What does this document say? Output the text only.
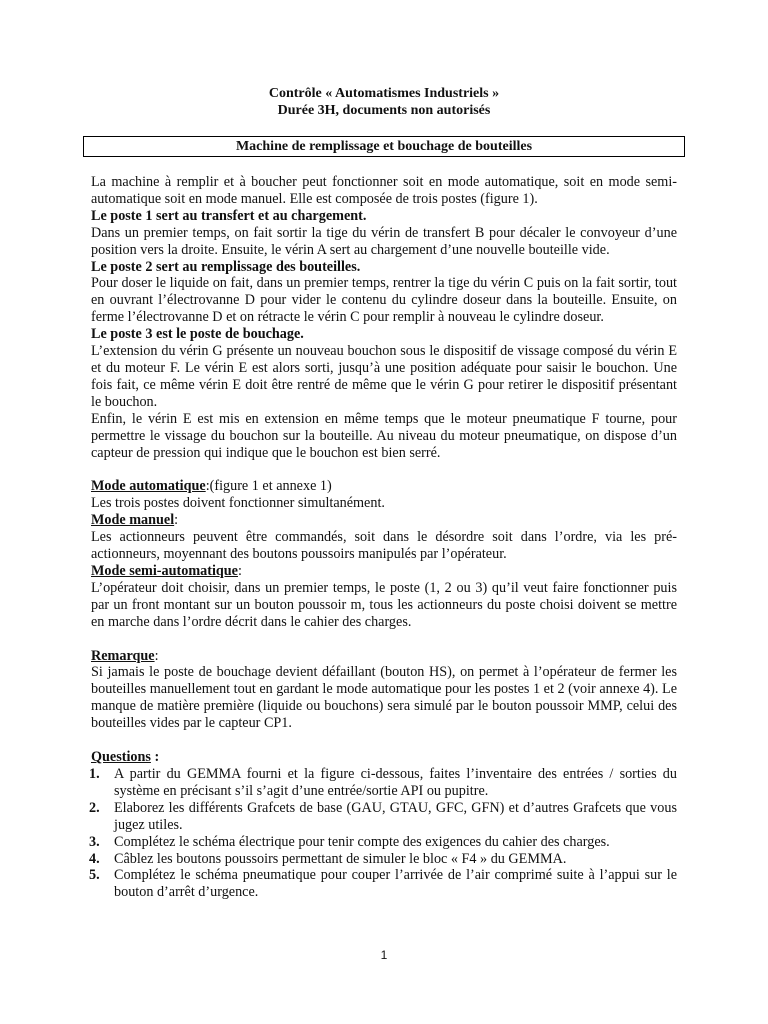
Contrôle « Automatismes Industriels »
Durée 3H, documents non autorisés
Machine de remplissage et bouchage de bouteilles

La machine à remplir et à boucher peut fonctionner soit en mode automatique, soit en mode semi-automatique soit en mode manuel. Elle est composée de trois postes (figure 1).

Le poste 1 sert au transfert et au chargement.

Dans un premier temps, on fait sortir la tige du vérin de transfert B pour décaler le convoyeur d’une position vers la droite. Ensuite, le vérin A sert au chargement d’une nouvelle bouteille vide.

Le poste 2 sert au remplissage des bouteilles.

Pour doser le liquide on fait, dans un premier temps, rentrer la tige du vérin C puis on la fait sortir, tout en ouvrant l’électrovanne D pour vider le contenu du cylindre doseur dans la bouteille. Ensuite, on ferme l’électrovanne D et on rétracte le vérin C pour remplir à nouveau le cylindre doseur.

Le poste 3 est le poste de bouchage.

L’extension du vérin G présente un nouveau bouchon sous le dispositif de vissage composé du vérin E et du moteur F. Le vérin E est alors sorti, jusqu’à une position adéquate pour saisir le bouchon. Une fois fait, ce même vérin E doit être rentré de même que le vérin G pour retirer le dispositif présentant le bouchon.

Enfin, le vérin E est mis en extension en même temps que le moteur pneumatique F tourne, pour permettre le vissage du bouchon sur la bouteille. Au niveau du moteur pneumatique, on dispose d’un capteur de pression qui indique que le bouchon est bien serré.

Mode automatique:(figure 1 et annexe 1)

Les trois postes doivent fonctionner simultanément.

Mode manuel:

Les actionneurs peuvent être commandés, soit dans le désordre soit dans l’ordre, via les pré-actionneurs, moyennant des boutons poussoirs manipulés par l’opérateur.

Mode semi-automatique:

L’opérateur doit choisir, dans un premier temps, le poste (1, 2 ou 3) qu’il veut faire fonctionner puis par un front montant sur un bouton poussoir m, tous les actionneurs du poste choisi doivent se mettre en marche dans l’ordre décrit dans le cahier des charges.

Remarque:

Si jamais le poste de bouchage devient défaillant (bouton HS), on permet à l’opérateur de fermer les bouteilles manuellement tout en gardant le mode automatique pour les postes 1 et 2 (voir annexe 4). Le manque de matière première (liquide ou bouchons) sera simulé par le bouton poussoir MMP, celui des bouteilles vides par le capteur CP1.

Questions :

1. A partir du GEMMA fourni et la figure ci-dessous, faites l’inventaire des entrées / sorties du système en précisant s’il s’agit d’une entrée/sortie API ou pupitre.
2. Elaborez les différents Grafcets de base (GAU, GTAU, GFC, GFN) et d’autres Grafcets que vous jugez utiles.
3. Complétez le schéma électrique pour tenir compte des exigences du cahier des charges.
4. Câblez les boutons poussoirs permettant de simuler le bloc « F4 » du GEMMA.
5. Complétez le schéma pneumatique pour couper l’arrivée de l’air comprimé suite à l’appui sur le bouton d’arrêt d’urgence.
1
